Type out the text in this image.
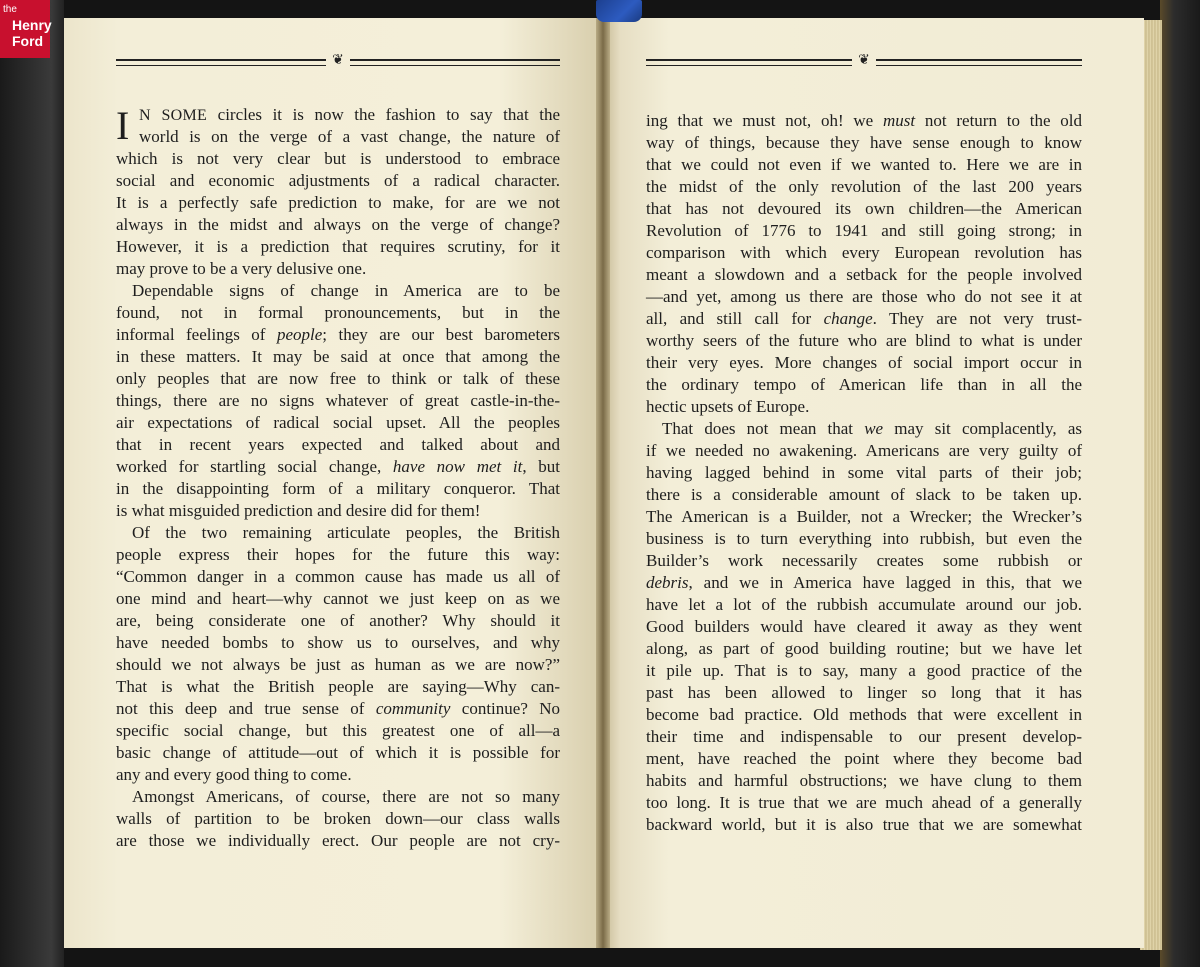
the
Henry
Ford
❦	❦
I N SOME circles it is now the fashion to say that the
world is on the verge of a vast change, the nature of
which is not very clear but is understood to embrace
social and economic adjustments of a radical character.
It is a perfectly safe prediction to make, for are we not
always in the midst and always on the verge of change?
However, it is a prediction that requires scrutiny, for it
may prove to be a very delusive one.
Dependable signs of change in America are to be
found, not in formal pronouncements, but in the
informal feelings of people; they are our best barometers
in these matters. It may be said at once that among the
only peoples that are now free to think or talk of these
things, there are no signs whatever of great castle-in-the-
air expectations of radical social upset. All the peoples
that in recent years expected and talked about and
worked for startling social change, have now met it, but
in the disappointing form of a military conqueror. That
is what misguided prediction and desire did for them!
Of the two remaining articulate peoples, the British
people express their hopes for the future this way:
“Common danger in a common cause has made us all of
one mind and heart—why cannot we just keep on as we
are, being considerate one of another? Why should it
have needed bombs to show us to ourselves, and why
should we not always be just as human as we are now?”
That is what the British people are saying—Why can-
not this deep and true sense of community continue? No
specific social change, but this greatest one of all—a
basic change of attitude—out of which it is possible for
any and every good thing to come.
Amongst Americans, of course, there are not so many
walls of partition to be broken down—our class walls
are those we individually erect. Our people are not cry-
ing that we must not, oh! we must not return to the old
way of things, because they have sense enough to know
that we could not even if we wanted to. Here we are in
the midst of the only revolution of the last 200 years
that has not devoured its own children—the American
Revolution of 1776 to 1941 and still going strong; in
comparison with which every European revolution has
meant a slowdown and a setback for the people involved
—and yet, among us there are those who do not see it at
all, and still call for change. They are not very trust-
worthy seers of the future who are blind to what is under
their very eyes. More changes of social import occur in
the ordinary tempo of American life than in all the
hectic upsets of Europe.
That does not mean that we may sit complacently, as
if we needed no awakening. Americans are very guilty of
having lagged behind in some vital parts of their job;
there is a considerable amount of slack to be taken up.
The American is a Builder, not a Wrecker; the Wrecker’s
business is to turn everything into rubbish, but even the
Builder’s work necessarily creates some rubbish or
debris, and we in America have lagged in this, that we
have let a lot of the rubbish accumulate around our job.
Good builders would have cleared it away as they went
along, as part of good building routine; but we have let
it pile up. That is to say, many a good practice of the
past has been allowed to linger so long that it has
become bad practice. Old methods that were excellent in
their time and indispensable to our present develop-
ment, have reached the point where they become bad
habits and harmful obstructions; we have clung to them
too long. It is true that we are much ahead of a generally
backward world, but it is also true that we are somewhat
